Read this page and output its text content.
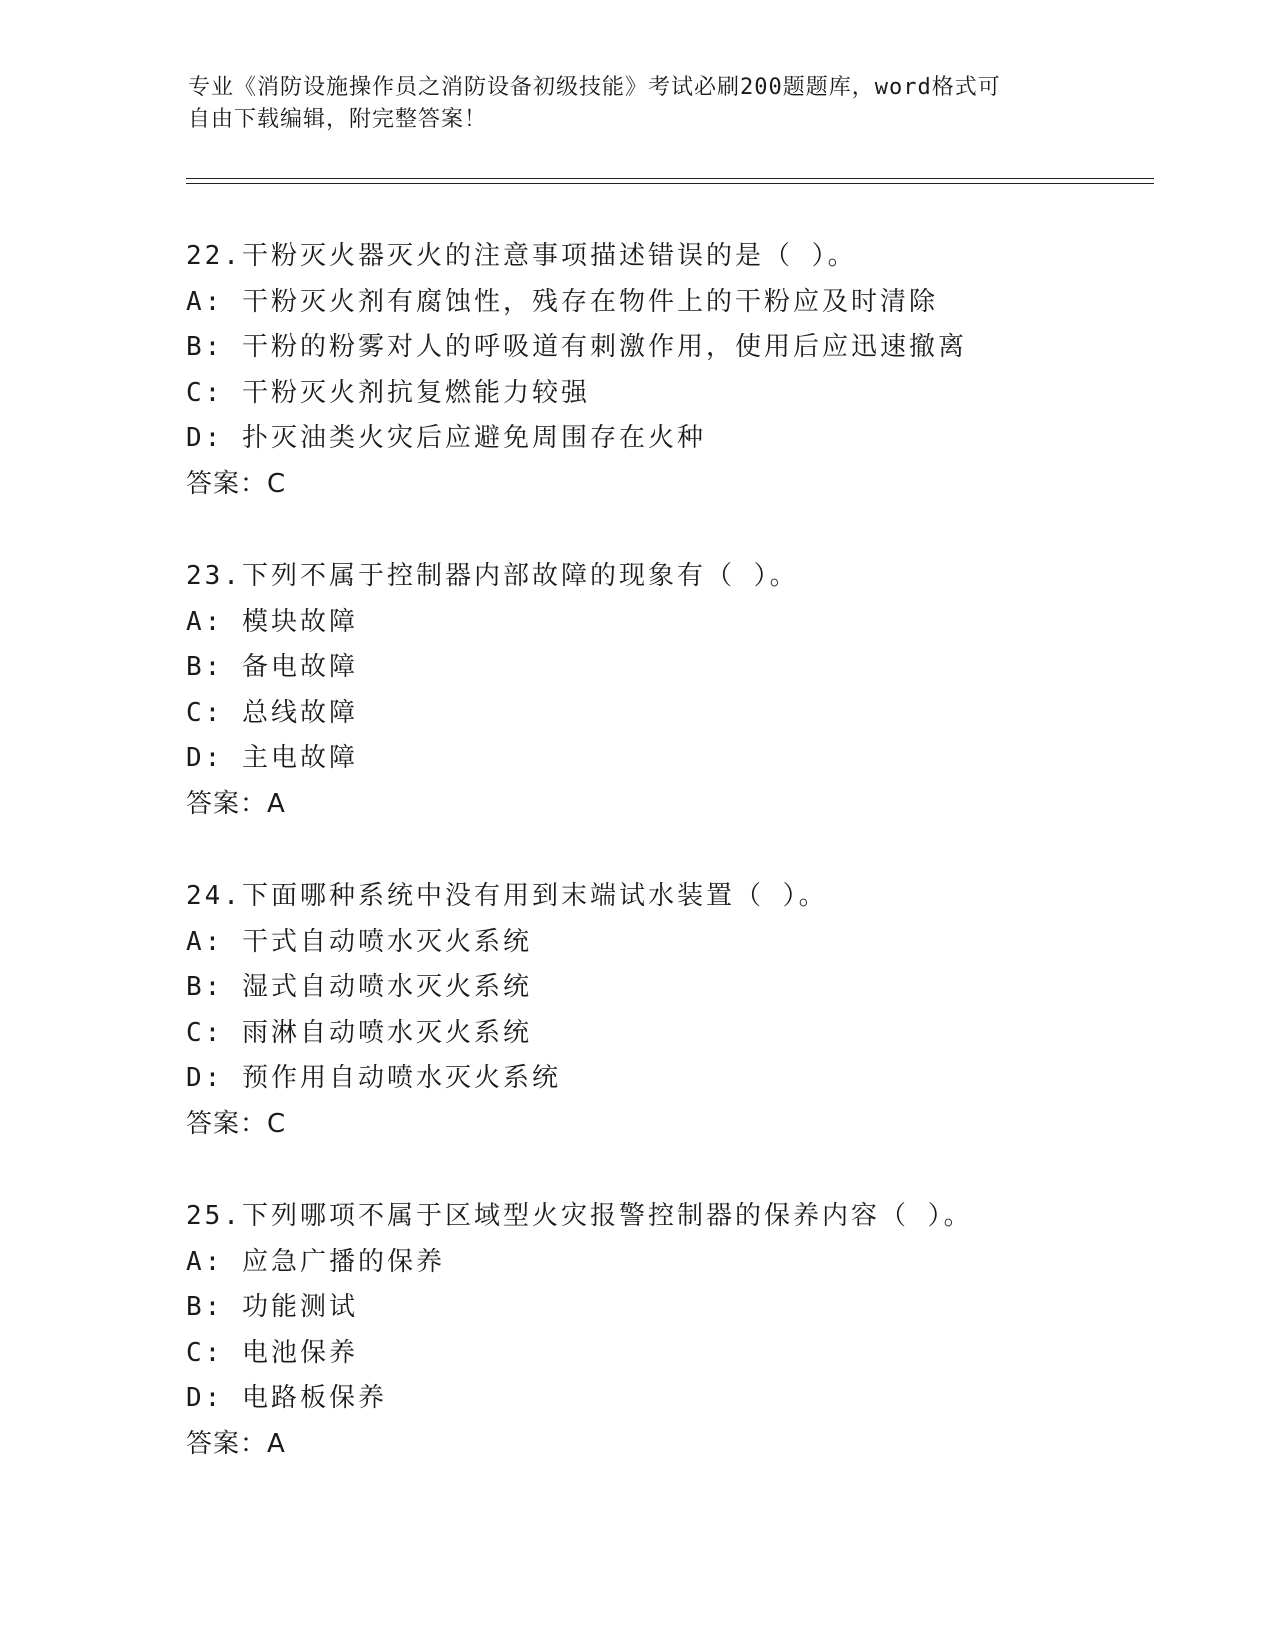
专业《消防设施操作员之消防设备初级技能》考试必刷200题题库，word格式可
自由下载编辑，附完整答案！
22.干粉灭火器灭火的注意事项描述错误的是（ ）。
A: 干粉灭火剂有腐蚀性，残存在物件上的干粉应及时清除
B: 干粉的粉雾对人的呼吸道有刺激作用，使用后应迅速撤离
C: 干粉灭火剂抗复燃能力较强
D: 扑灭油类火灾后应避免周围存在火种
答案：C
23.下列不属于控制器内部故障的现象有（ ）。
A: 模块故障
B: 备电故障
C: 总线故障
D: 主电故障
答案：A
24.下面哪种系统中没有用到末端试水装置（ ）。
A: 干式自动喷水灭火系统
B: 湿式自动喷水灭火系统
C: 雨淋自动喷水灭火系统
D: 预作用自动喷水灭火系统
答案：C
25.下列哪项不属于区域型火灾报警控制器的保养内容（ ）。
A: 应急广播的保养
B: 功能测试
C: 电池保养
D: 电路板保养
答案：A
